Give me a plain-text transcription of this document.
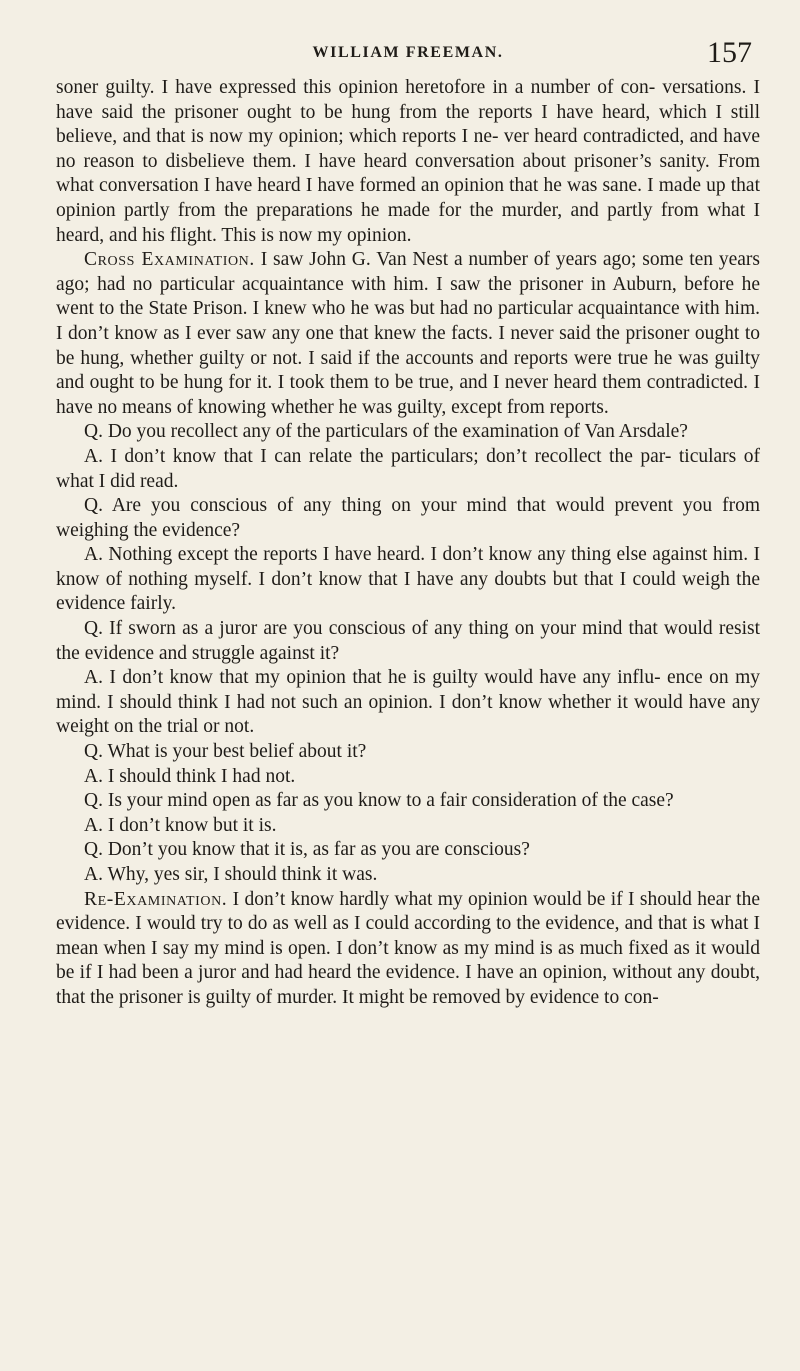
WILLIAM FREEMAN.	157

soner guilty. I have expressed this opinion heretofore in a number of con- versations. I have said the prisoner ought to be hung from the reports I have heard, which I still believe, and that is now my opinion; which reports I ne- ver heard contradicted, and have no reason to disbelieve them. I have heard conversation about prisoner’s sanity. From what conversation I have heard I have formed an opinion that he was sane. I made up that opinion partly from the preparations he made for the murder, and partly from what I heard, and his flight. This is now my opinion.

Cross Examination. I saw John G. Van Nest a number of years ago; some ten years ago; had no particular acquaintance with him. I saw the prisoner in Auburn, before he went to the State Prison. I knew who he was but had no particular acquaintance with him. I don’t know as I ever saw any one that knew the facts. I never said the prisoner ought to be hung, whether guilty or not. I said if the accounts and reports were true he was guilty and ought to be hung for it. I took them to be true, and I never heard them contradicted. I have no means of knowing whether he was guilty, except from reports.

Q. Do you recollect any of the particulars of the examination of Van Arsdale?

A. I don’t know that I can relate the particulars; don’t recollect the par- ticulars of what I did read.

Q. Are you conscious of any thing on your mind that would prevent you from weighing the evidence?

A. Nothing except the reports I have heard. I don’t know any thing else against him. I know of nothing myself. I don’t know that I have any doubts but that I could weigh the evidence fairly.

Q. If sworn as a juror are you conscious of any thing on your mind that would resist the evidence and struggle against it?

A. I don’t know that my opinion that he is guilty would have any influ- ence on my mind. I should think I had not such an opinion. I don’t know whether it would have any weight on the trial or not.

Q. What is your best belief about it?

A. I should think I had not.

Q. Is your mind open as far as you know to a fair consideration of the case?

A. I don’t know but it is.

Q. Don’t you know that it is, as far as you are conscious?

A. Why, yes sir, I should think it was.

Re-Examination. I don’t know hardly what my opinion would be if I should hear the evidence. I would try to do as well as I could according to the evidence, and that is what I mean when I say my mind is open. I don’t know as my mind is as much fixed as it would be if I had been a juror and had heard the evidence. I have an opinion, without any doubt, that the prisoner is guilty of murder. It might be removed by evidence to con-
